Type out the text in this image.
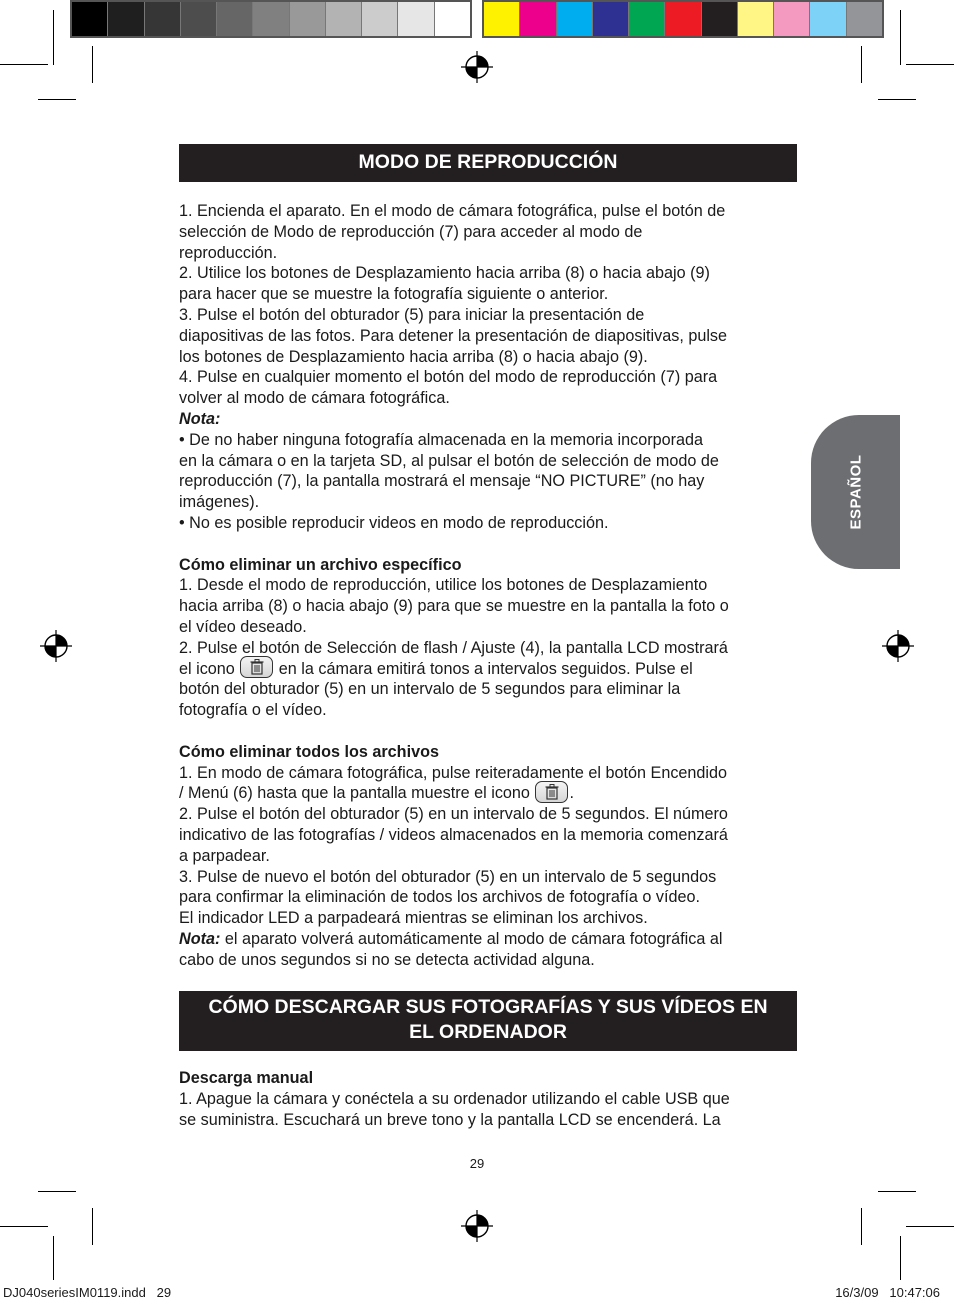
ESPAÑOL
MODO DE REPRODUCCIÓN

1. Encienda el aparato. En el modo de cámara fotográfica, pulse el botón de

selección de Modo de reproducción (7) para acceder al modo de

reproducción.

2. Utilice los botones de Desplazamiento hacia arriba (8) o hacia abajo (9)

para hacer que se muestre la fotografía siguiente o anterior.

3. Pulse el botón del obturador (5) para iniciar la presentación de

diapositivas de las fotos. Para detener la presentación de diapositivas, pulse

los botones de Desplazamiento hacia arriba (8) o hacia abajo (9).

4. Pulse en cualquier momento el botón del modo de reproducción (7) para

volver al modo de cámara fotográfica.

Nota:

• De no haber ninguna fotografía almacenada en la memoria incorporada

en la cámara o en la tarjeta SD, al pulsar el botón de selección de modo de

reproducción (7), la pantalla mostrará el mensaje “NO PICTURE” (no hay

imágenes).

• No es posible reproducir videos en modo de reproducción.

Cómo eliminar un archivo específico

1. Desde el modo de reproducción, utilice los botones de Desplazamiento

hacia arriba (8) o hacia abajo (9) para que se muestre en la pantalla la foto o

el vídeo deseado.

2. Pulse el botón de Selección de flash / Ajuste (4), la pantalla LCD mostrará

el icono	en la cámara emitirá tonos a intervalos seguidos. Pulse el

botón del obturador (5) en un intervalo de 5 segundos para eliminar la

fotografía o el vídeo.

Cómo eliminar todos los archivos

1. En modo de cámara fotográfica, pulse reiteradamente el botón Encendido

/ Menú (6) hasta que la pantalla muestre el icono .

2. Pulse el botón del obturador (5) en un intervalo de 5 segundos. El número

indicativo de las fotografías / videos almacenados en la memoria comenzará

a parpadear.

3. Pulse de nuevo el botón del obturador (5) en un intervalo de 5 segundos

para confirmar la eliminación de todos los archivos de fotografía o vídeo.

El indicador LED a parpadeará mientras se eliminan los archivos.

Nota: el aparato volverá automáticamente al modo de cámara fotográfica al

cabo de unos segundos si no se detecta actividad alguna.

CÓMO DESCARGAR SUS FOTOGRAFÍAS Y SUS VÍDEOS EN
EL ORDENADOR

Descarga manual

1. Apague la cámara y conéctela a su ordenador utilizando el cable USB que

se suministra. Escuchará un breve tono y la pantalla LCD se encenderá. La

29
DJ040seriesIM0119.indd   29	16/3/09   10:47:06
